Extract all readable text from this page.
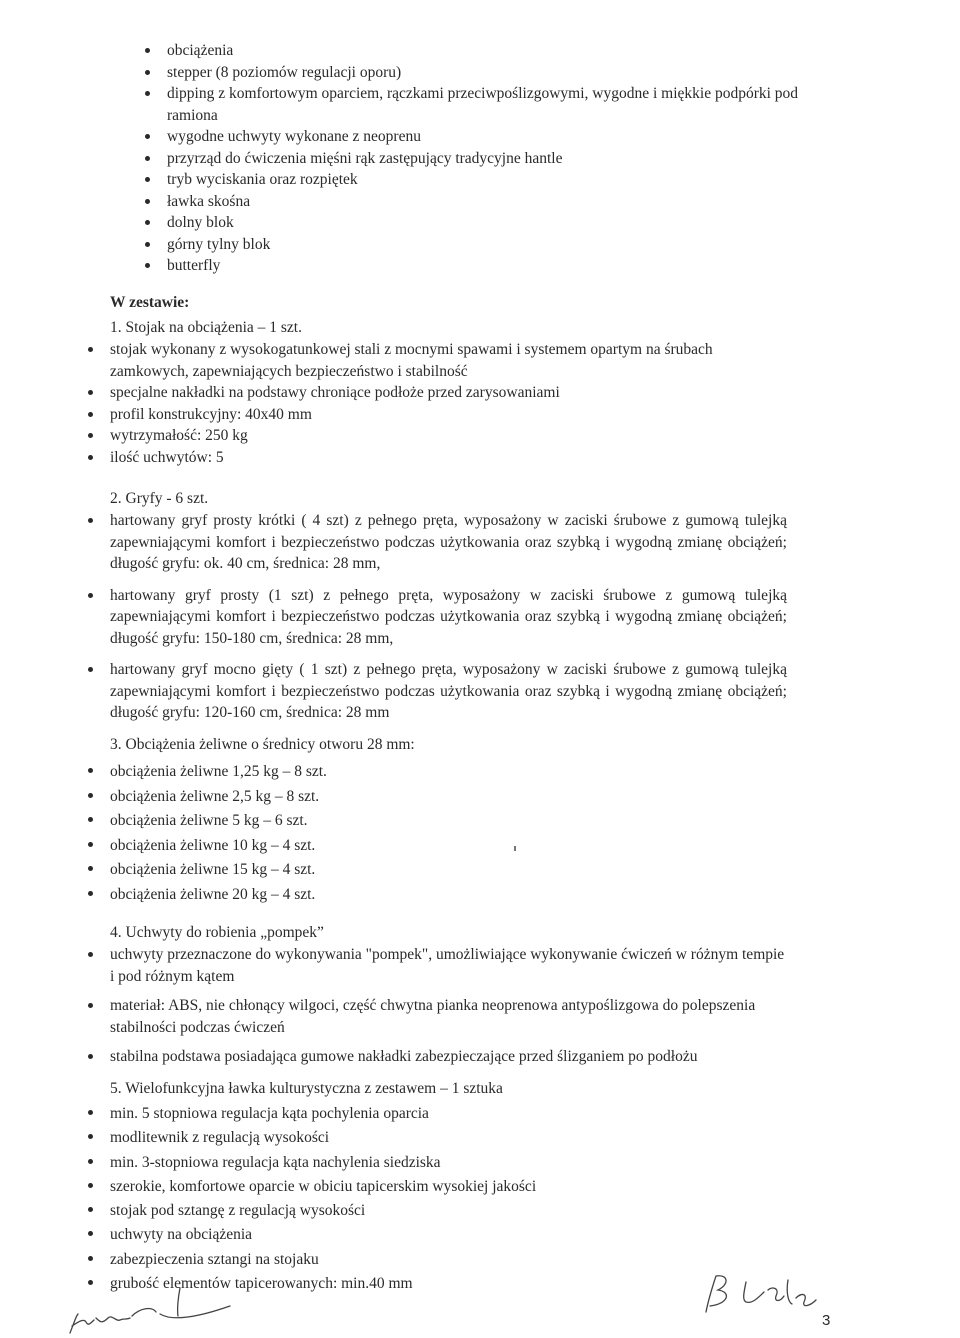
obciążenia
stepper (8 poziomów regulacji oporu)
dipping z komfortowym oparciem, rączkami przeciwpoślizgowymi, wygodne i miękkie podpórki pod ramiona
wygodne uchwyty wykonane z neoprenu
przyrząd do ćwiczenia mięśni rąk zastępujący tradycyjne hantle
tryb wyciskania oraz rozpiętek
ławka skośna
dolny blok
górny tylny blok
butterfly
W zestawie:
1. Stojak na obciążenia – 1 szt.
stojak wykonany z wysokogatunkowej stali z mocnymi spawami i systemem opartym na śrubach zamkowych, zapewniających bezpieczeństwo i stabilność
specjalne nakładki na podstawy chroniące podłoże przed zarysowaniami
profil konstrukcyjny: 40x40 mm
wytrzymałość: 250 kg
ilość uchwytów: 5
2. Gryfy - 6 szt.
hartowany gryf prosty krótki ( 4 szt) z pełnego pręta, wyposażony w zaciski śrubowe z gumową tulejką zapewniającymi komfort i bezpieczeństwo podczas użytkowania oraz szybką i wygodną zmianę obciążeń; długość gryfu: ok. 40 cm, średnica: 28 mm,
hartowany gryf prosty (1 szt) z pełnego pręta, wyposażony w zaciski śrubowe z gumową tulejką zapewniającymi komfort i bezpieczeństwo podczas użytkowania oraz szybką i wygodną zmianę obciążeń; długość gryfu: 150-180 cm, średnica: 28 mm,
hartowany gryf mocno gięty ( 1 szt) z pełnego pręta, wyposażony w zaciski śrubowe z gumową tulejką zapewniającymi komfort i bezpieczeństwo podczas użytkowania oraz szybką i wygodną zmianę obciążeń; długość gryfu: 120-160 cm, średnica: 28 mm
3. Obciążenia żeliwne o średnicy otworu 28 mm:
obciążenia żeliwne 1,25 kg – 8 szt.
obciążenia żeliwne 2,5 kg – 8 szt.
obciążenia żeliwne 5 kg – 6 szt.
obciążenia żeliwne 10 kg – 4 szt.
obciążenia żeliwne 15 kg – 4 szt.
obciążenia żeliwne 20 kg – 4 szt.
4. Uchwyty do robienia „pompek”
uchwyty przeznaczone do wykonywania "pompek", umożliwiające wykonywanie ćwiczeń w różnym tempie i pod różnym kątem
materiał: ABS, nie chłonący wilgoci, część chwytna pianka neoprenowa antypoślizgowa do polepszenia stabilności podczas ćwiczeń
stabilna podstawa posiadająca gumowe nakładki zabezpieczające przed ślizganiem po podłożu
5. Wielofunkcyjna ławka kulturystyczna z zestawem – 1 sztuka
min. 5 stopniowa regulacja kąta pochylenia oparcia
modlitewnik z regulacją wysokości
min. 3-stopniowa regulacja kąta nachylenia siedziska
szerokie, komfortowe oparcie w obiciu tapicerskim wysokiej jakości
stojak pod sztangę z regulacją wysokości
uchwyty na obciążenia
zabezpieczenia sztangi na stojaku
grubość elementów tapicerowanych: min.40 mm
3
